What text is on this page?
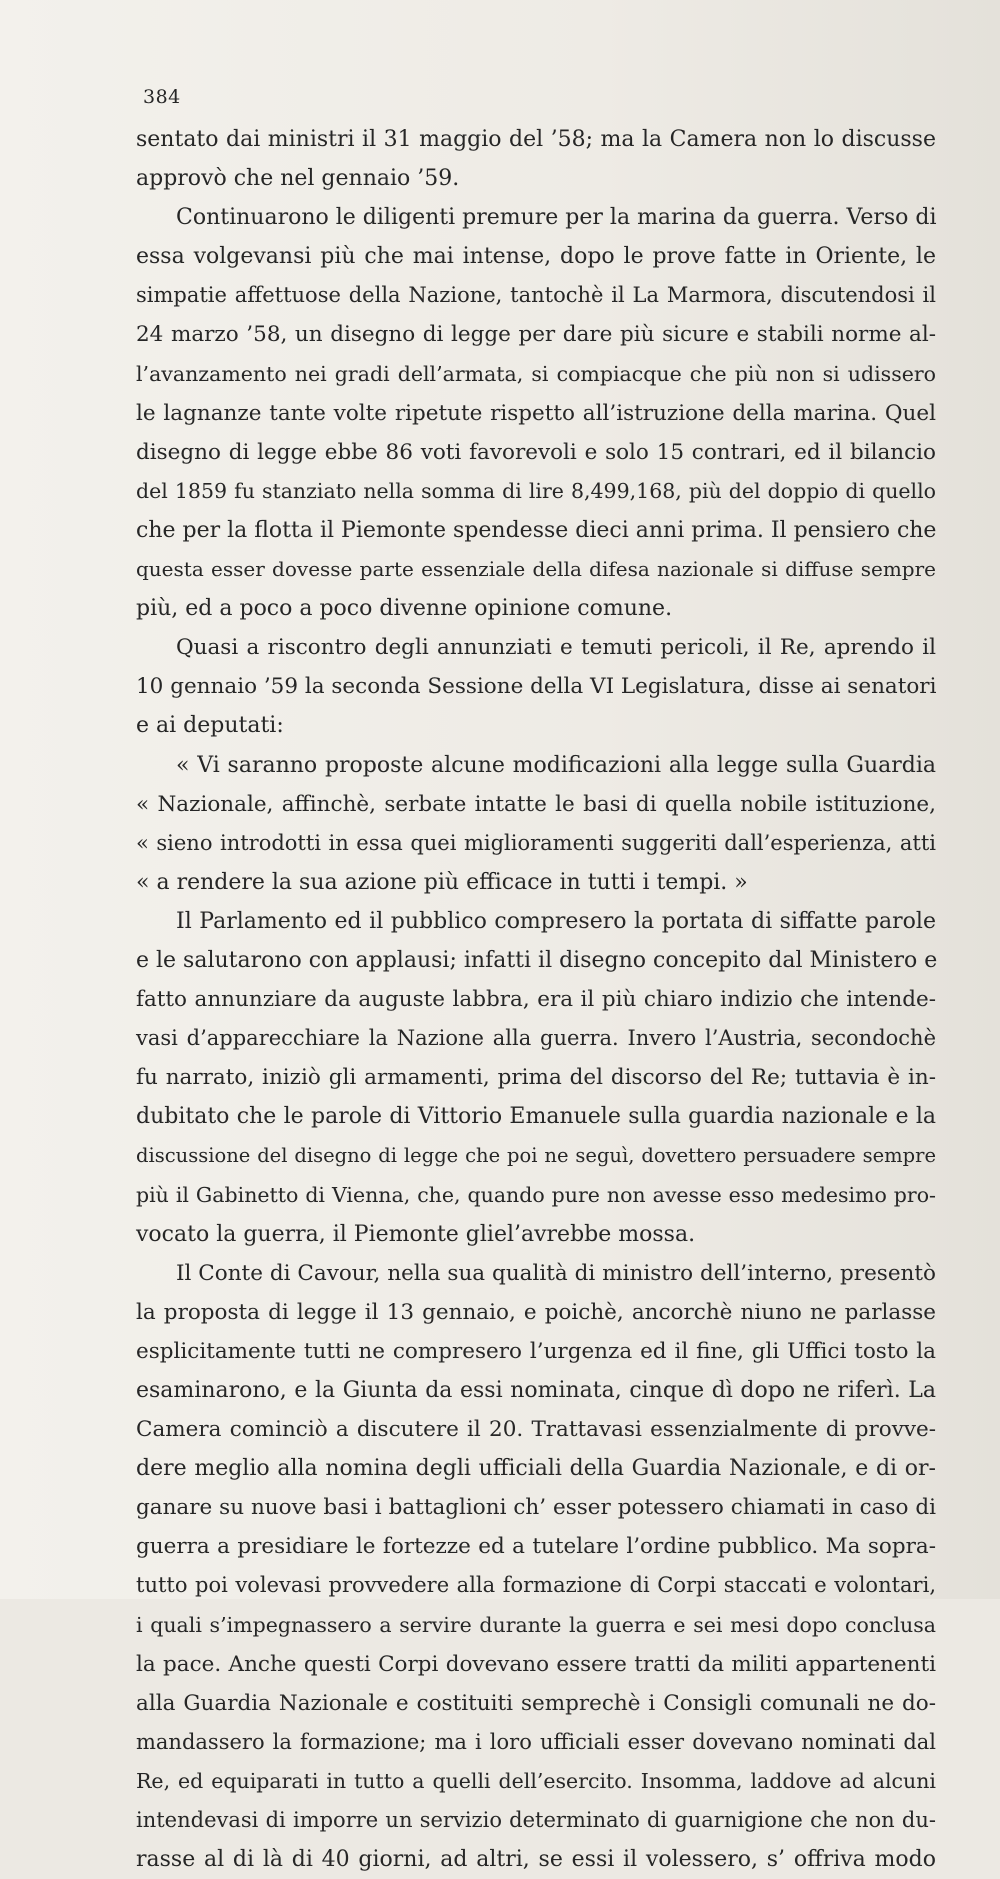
384
sentato dai ministri il 31 maggio del ’58; ma la Camera non lo discusse
approvò che nel gennaio ’59.
Continuarono le diligenti premure per la marina da guerra. Verso di
essa volgevansi più che mai intense, dopo le prove fatte in Oriente, le
simpatie affettuose della Nazione, tantochè il La Marmora, discutendosi il
24 marzo ’58, un disegno di legge per dare più sicure e stabili norme al-
l’avanzamento nei gradi dell’armata, si compiacque che più non si udissero
le lagnanze tante volte ripetute rispetto all’istruzione della marina. Quel
disegno di legge ebbe 86 voti favorevoli e solo 15 contrari, ed il bilancio
del 1859 fu stanziato nella somma di lire 8,499,168, più del doppio di quello
che per la flotta il Piemonte spendesse dieci anni prima. Il pensiero che
questa esser dovesse parte essenziale della difesa nazionale si diffuse sempre
più, ed a poco a poco divenne opinione comune.
Quasi a riscontro degli annunziati e temuti pericoli, il Re, aprendo il
10 gennaio ’59 la seconda Sessione della VI Legislatura, disse ai senatori
e ai deputati:
« Vi saranno proposte alcune modificazioni alla legge sulla Guardia
« Nazionale, affinchè, serbate intatte le basi di quella nobile istituzione,
« sieno introdotti in essa quei miglioramenti suggeriti dall’esperienza, atti
« a rendere la sua azione più efficace in tutti i tempi. »
Il Parlamento ed il pubblico compresero la portata di siffatte parole
e le salutarono con applausi; infatti il disegno concepito dal Ministero e
fatto annunziare da auguste labbra, era il più chiaro indizio che intende-
vasi d’apparecchiare la Nazione alla guerra. Invero l’Austria, secondochè
fu narrato, iniziò gli armamenti, prima del discorso del Re; tuttavia è in-
dubitato che le parole di Vittorio Emanuele sulla guardia nazionale e la
discussione del disegno di legge che poi ne seguì, dovettero persuadere sempre
più il Gabinetto di Vienna, che, quando pure non avesse esso medesimo pro-
vocato la guerra, il Piemonte gliel’avrebbe mossa.
Il Conte di Cavour, nella sua qualità di ministro dell’interno, presentò
la proposta di legge il 13 gennaio, e poichè, ancorchè niuno ne parlasse
esplicitamente tutti ne compresero l’urgenza ed il fine, gli Uffici tosto la
esaminarono, e la Giunta da essi nominata, cinque dì dopo ne riferì. La
Camera cominciò a discutere il 20. Trattavasi essenzialmente di provve-
dere meglio alla nomina degli ufficiali della Guardia Nazionale, e di or-
ganare su nuove basi i battaglioni ch’ esser potessero chiamati in caso di
guerra a presidiare le fortezze ed a tutelare l’ordine pubblico. Ma sopra-
tutto poi volevasi provvedere alla formazione di Corpi staccati e volontari,
i quali s’impegnassero a servire durante la guerra e sei mesi dopo conclusa
la pace. Anche questi Corpi dovevano essere tratti da militi appartenenti
alla Guardia Nazionale e costituiti semprechè i Consigli comunali ne do-
mandassero la formazione; ma i loro ufficiali esser dovevano nominati dal
Re, ed equiparati in tutto a quelli dell’esercito. Insomma, laddove ad alcuni
intendevasi di imporre un servizio determinato di guarnigione che non du-
rasse al di là di 40 giorni, ad altri, se essi il volessero, s’ offriva modo
